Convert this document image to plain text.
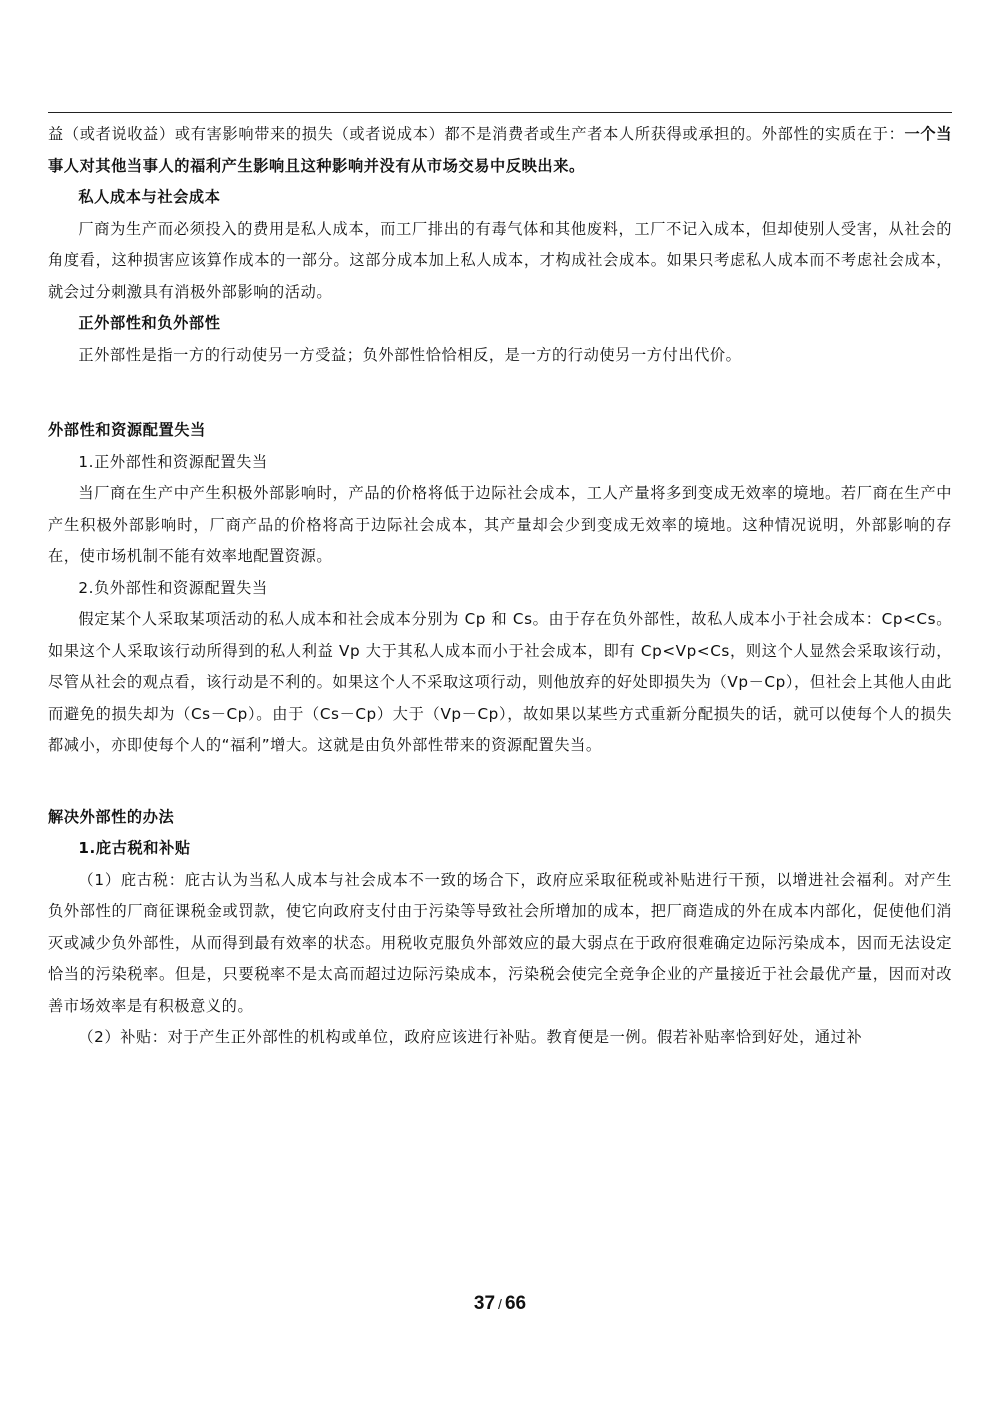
益（或者说收益）或有害影响带来的损失（或者说成本）都不是消费者或生产者本人所获得或承担的。外部性的实质在于：一个当事人对其他当事人的福利产生影响且这种影响并没有从市场交易中反映出来。

私人成本与社会成本

厂商为生产而必须投入的费用是私人成本，而工厂排出的有毒气体和其他废料，工厂不记入成本，但却使别人受害，从社会的角度看，这种损害应该算作成本的一部分。这部分成本加上私人成本，才构成社会成本。如果只考虑私人成本而不考虑社会成本，就会过分刺激具有消极外部影响的活动。

正外部性和负外部性

正外部性是指一方的行动使另一方受益；负外部性恰恰相反，是一方的行动使另一方付出代价。

外部性和资源配置失当

1.正外部性和资源配置失当

当厂商在生产中产生积极外部影响时，产品的价格将低于边际社会成本，工人产量将多到变成无效率的境地。若厂商在生产中产生积极外部影响时，厂商产品的价格将高于边际社会成本，其产量却会少到变成无效率的境地。这种情况说明，外部影响的存在，使市场机制不能有效率地配置资源。

2.负外部性和资源配置失当

假定某个人采取某项活动的私人成本和社会成本分别为 Cp 和 Cs。由于存在负外部性，故私人成本小于社会成本：Cp<Cs。如果这个人采取该行动所得到的私人利益 Vp 大于其私人成本而小于社会成本，即有 Cp<Vp<Cs，则这个人显然会采取该行动，尽管从社会的观点看，该行动是不利的。如果这个人不采取这项行动，则他放弃的好处即损失为（Vp－Cp），但社会上其他人由此而避免的损失却为（Cs－Cp）。由于（Cs－Cp）大于（Vp－Cp），故如果以某些方式重新分配损失的话，就可以使每个人的损失都减小，亦即使每个人的“福利”增大。这就是由负外部性带来的资源配置失当。

解决外部性的办法

1.庇古税和补贴

（1）庇古税：庇古认为当私人成本与社会成本不一致的场合下，政府应采取征税或补贴进行干预，以增进社会福利。对产生负外部性的厂商征课税金或罚款，使它向政府支付由于污染等导致社会所增加的成本，把厂商造成的外在成本内部化，促使他们消灭或减少负外部性，从而得到最有效率的状态。用税收克服负外部效应的最大弱点在于政府很难确定边际污染成本，因而无法设定恰当的污染税率。但是，只要税率不是太高而超过边际污染成本，污染税会使完全竞争企业的产量接近于社会最优产量，因而对改善市场效率是有积极意义的。

（2）补贴：对于产生正外部性的机构或单位，政府应该进行补贴。教育便是一例。假若补贴率恰到好处，通过补

37 / 66
